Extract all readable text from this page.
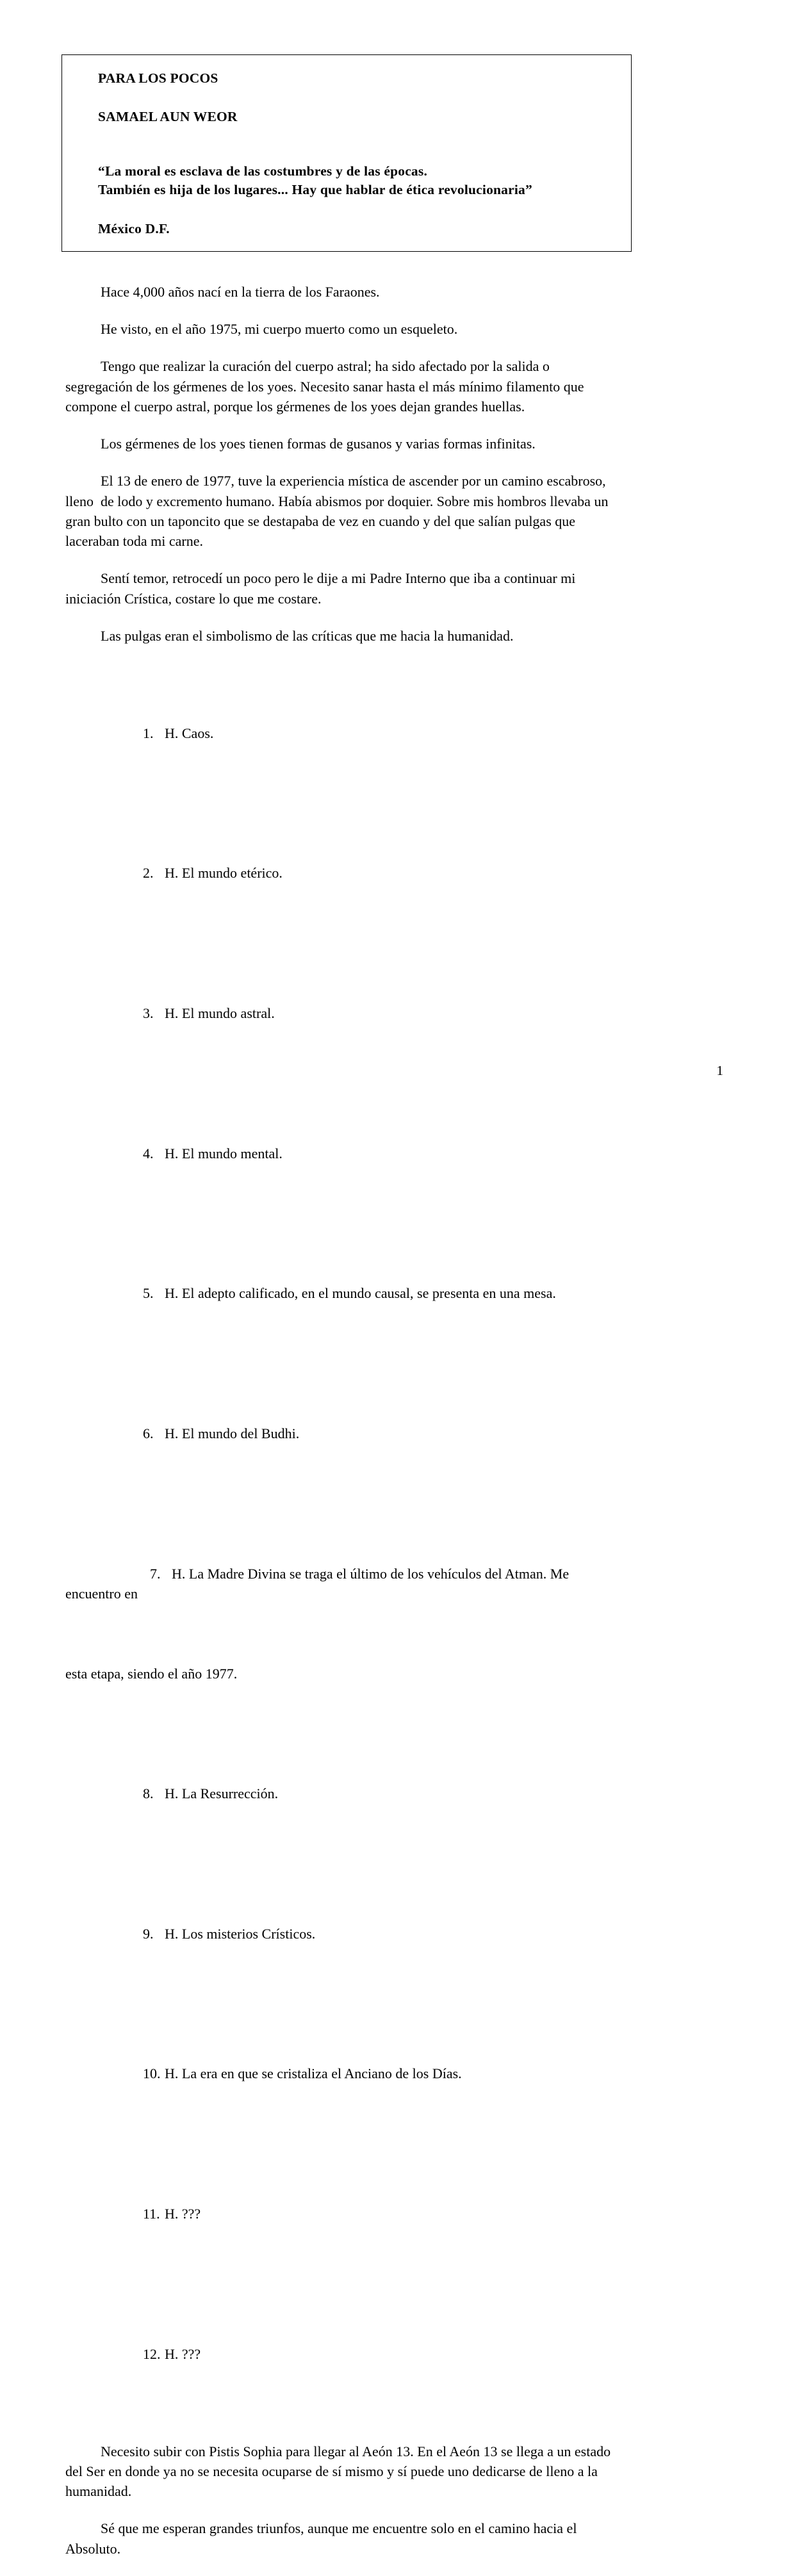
PARA LOS POCOS
SAMAEL AUN WEOR
“La moral es esclava de las costumbres y de las épocas.
También es hija de los lugares... Hay que hablar de ética revolucionaria”
México D.F.

Hace 4,000 años nací en la tierra de los Faraones.

He visto, en el año 1975, mi cuerpo muerto como un esqueleto.

Tengo que realizar la curación del cuerpo astral; ha sido afectado por la salida o segregación de los gérmenes de los yoes. Necesito sanar hasta el más mínimo filamento que compone el cuerpo astral, porque los gérmenes de los yoes dejan grandes huellas.

Los gérmenes de los yoes tienen formas de gusanos y varias formas infinitas.

El 13 de enero de 1977, tuve la experiencia mística de ascender por un camino escabroso, lleno  de lodo y excremento humano. Había abismos por doquier. Sobre mis hombros llevaba un gran bulto con un taponcito que se destapaba de vez en cuando y del que salían pulgas que laceraban toda mi carne.

Sentí temor, retrocedí un poco pero le dije a mi Padre Interno que iba a continuar mi iniciación Crística, costare lo que me costare.

Las pulgas eran el simbolismo de las críticas que me hacia la humanidad.

1. H. Caos.

2. H. El mundo etérico.

3. H. El mundo astral.

4. H. El mundo mental.

5. H. El adepto calificado, en el mundo causal, se presenta en una mesa.

6. H. El mundo del Budhi.

7. H. La Madre Divina se traga el último de los vehículos del Atman. Me  encuentro en

esta etapa, siendo el año 1977.

8. H. La Resurrección.

9. H. Los misterios Crísticos.

10. H. La era en que se cristaliza el Anciano de los Días.

11. H. ???

12. H. ???

Necesito subir con Pistis Sophia para llegar al Aeón 13. En el Aeón 13 se llega a un estado del Ser en donde ya no se necesita ocuparse de sí mismo y sí puede uno dedicarse de lleno a la humanidad.

Sé que me esperan grandes triunfos, aunque me encuentre solo en el camino hacia el Absoluto.

1
